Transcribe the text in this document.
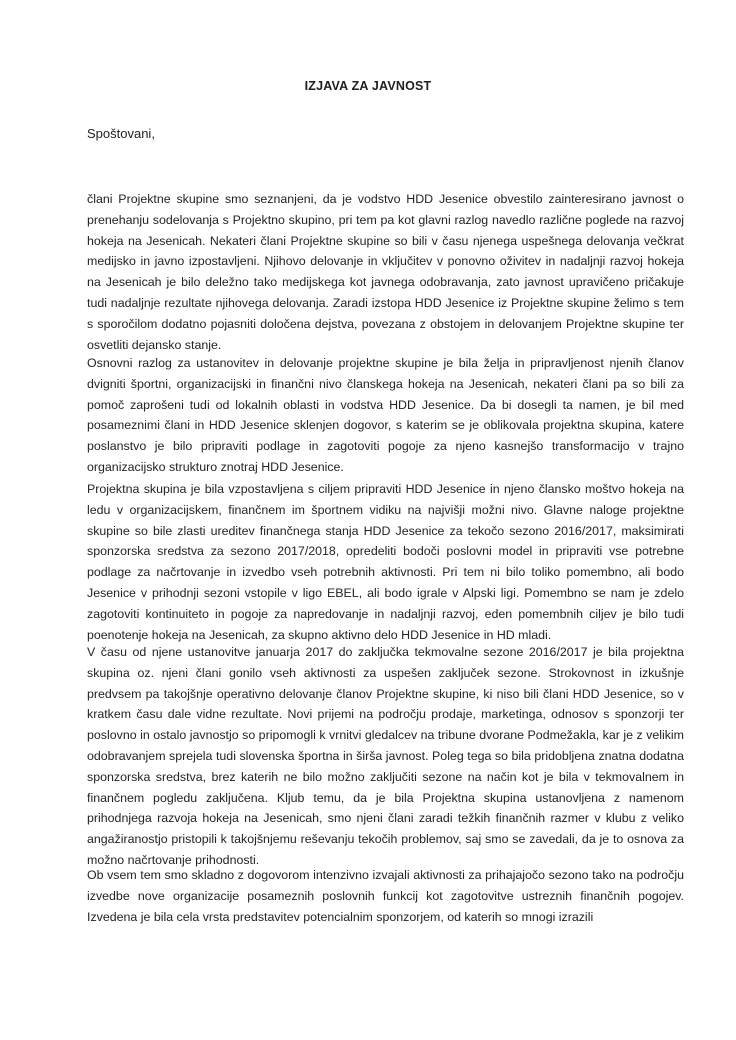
IZJAVA ZA JAVNOST
Spoštovani,
člani Projektne skupine smo seznanjeni, da je vodstvo HDD Jesenice obvestilo zainteresirano javnost o prenehanju sodelovanja s Projektno skupino, pri tem pa kot glavni razlog navedlo različne poglede na razvoj hokeja na Jesenicah. Nekateri člani Projektne skupine so bili v času njenega uspešnega delovanja večkrat medijsko in javno izpostavljeni. Njihovo delovanje in vključitev v ponovno oživitev in nadaljnji razvoj hokeja na Jesenicah je bilo deležno tako medijskega kot javnega odobravanja, zato javnost upravičeno pričakuje tudi nadaljnje rezultate njihovega delovanja. Zaradi izstopa HDD Jesenice iz Projektne skupine želimo s tem s sporočilom dodatno pojasniti določena dejstva, povezana z obstojem in delovanjem Projektne skupine ter osvetliti dejansko stanje.
Osnovni razlog za ustanovitev in delovanje projektne skupine je bila želja in pripravljenost njenih članov dvigniti športni, organizacijski in finančni nivo članskega hokeja na Jesenicah, nekateri člani pa so bili za pomoč zaprošeni tudi od lokalnih oblasti in vodstva HDD Jesenice. Da bi dosegli ta namen, je bil med posameznimi člani in HDD Jesenice sklenjen dogovor, s katerim se je oblikovala projektna skupina, katere poslanstvo je bilo pripraviti podlage in zagotoviti pogoje za njeno kasnejšo transformacijo v trajno organizacijsko strukturo znotraj HDD Jesenice.
Projektna skupina je bila vzpostavljena s ciljem pripraviti HDD Jesenice in njeno člansko moštvo hokeja na ledu v organizacijskem, finančnem im športnem vidiku na najvišji možni nivo. Glavne naloge projektne skupine so bile zlasti ureditev finančnega stanja HDD Jesenice za tekočo sezono 2016/2017, maksimirati sponzorska sredstva za sezono 2017/2018, opredeliti bodoči poslovni model in pripraviti vse potrebne podlage za načrtovanje in izvedbo vseh potrebnih aktivnosti. Pri tem ni bilo toliko pomembno, ali bodo Jesenice v prihodnji sezoni vstopile v ligo EBEL, ali bodo igrale v Alpski ligi. Pomembno se nam je zdelo zagotoviti kontinuiteto in pogoje za napredovanje in nadaljnji razvoj, eden pomembnih ciljev je bilo tudi poenotenje hokeja na Jesenicah, za skupno aktivno delo HDD Jesenice in HD mladi.
V času od njene ustanovitve januarja 2017 do zaključka tekmovalne sezone 2016/2017 je bila projektna skupina oz. njeni člani gonilo vseh aktivnosti za uspešen zaključek sezone. Strokovnost in izkušnje predvsem pa takojšnje operativno delovanje članov Projektne skupine, ki niso bili člani HDD Jesenice, so v kratkem času dale vidne rezultate. Novi prijemi na področju prodaje, marketinga, odnosov s sponzorji ter poslovno in ostalo javnostjo so pripomogli k vrnitvi gledalcev na tribune dvorane Podmežakla, kar je z velikim odobravanjem sprejela tudi slovenska športna in širša javnost. Poleg tega so bila pridobljena znatna dodatna sponzorska sredstva, brez katerih ne bilo možno zaključiti sezone na način kot je bila v tekmovalnem in finančnem pogledu zaključena. Kljub temu, da je bila Projektna skupina ustanovljena z namenom prihodnjega razvoja hokeja na Jesenicah, smo njeni člani zaradi težkih finančnih razmer v klubu z veliko angažiranostjo pristopili k takojšnjemu reševanju tekočih problemov, saj smo se zavedali, da je to osnova za možno načrtovanje prihodnosti.
Ob vsem tem smo skladno z dogovorom intenzivno izvajali aktivnosti za prihajajočo sezono tako na področju izvedbe nove organizacije posameznih poslovnih funkcij kot zagotovitve ustreznih finančnih pogojev. Izvedena je bila cela vrsta predstavitev potencialnim sponzorjem, od katerih so mnogi izrazili
